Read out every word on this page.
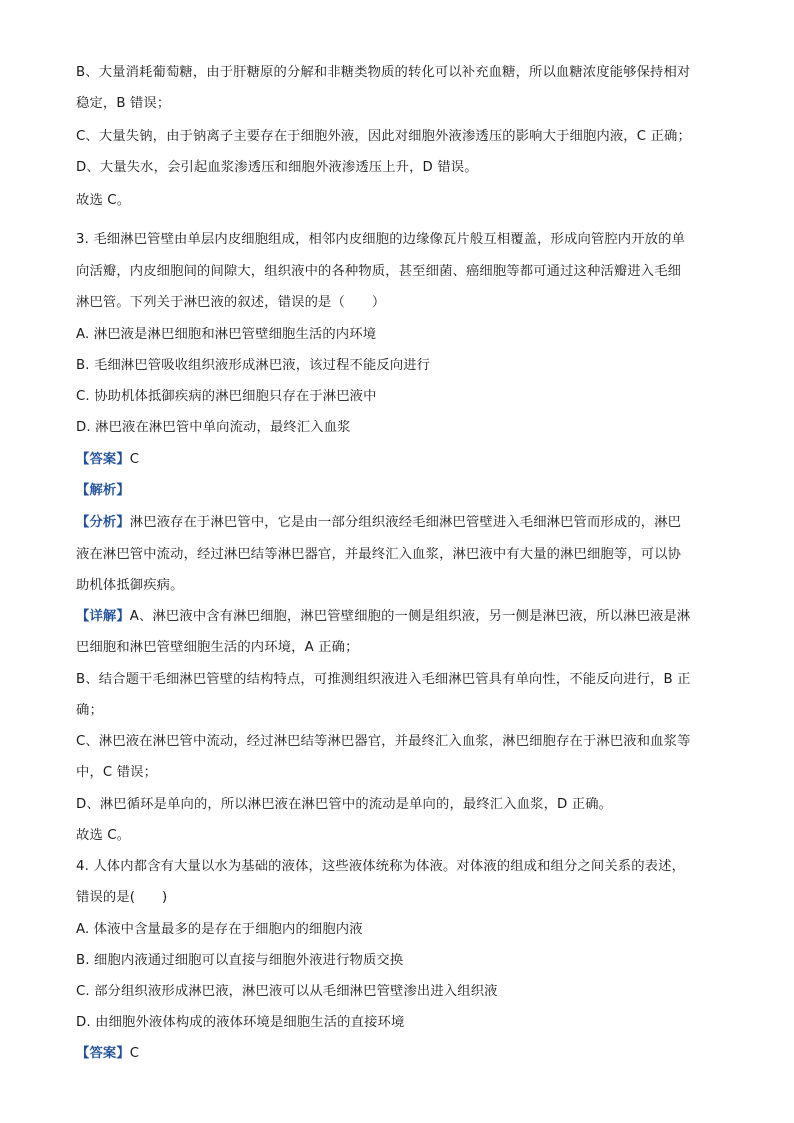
B、大量消耗葡萄糖，由于肝糖原的分解和非糖类物质的转化可以补充血糖，所以血糖浓度能够保持相对
稳定，B 错误；
C、大量失钠，由于钠离子主要存在于细胞外液，因此对细胞外液渗透压的影响大于细胞内液，C 正确；
D、大量失水，会引起血浆渗透压和细胞外液渗透压上升，D 错误。
故选 C。
3. 毛细淋巴管壁由单层内皮细胞组成，相邻内皮细胞的边缘像瓦片般互相覆盖，形成向管腔内开放的单
向活瓣，内皮细胞间的间隙大，组织液中的各种物质，甚至细菌、癌细胞等都可通过这种活瓣进入毛细
淋巴管。下列关于淋巴液的叙述，错误的是（　　）
A. 淋巴液是淋巴细胞和淋巴管壁细胞生活的内环境
B. 毛细淋巴管吸收组织液形成淋巴液，该过程不能反向进行
C. 协助机体抵御疾病的淋巴细胞只存在于淋巴液中
D. 淋巴液在淋巴管中单向流动，最终汇入血浆
【答案】C
【解析】
【分析】淋巴液存在于淋巴管中，它是由一部分组织液经毛细淋巴管壁进入毛细淋巴管而形成的，淋巴
液在淋巴管中流动，经过淋巴结等淋巴器官，并最终汇入血浆，淋巴液中有大量的淋巴细胞等，可以协
助机体抵御疾病。
【详解】A、淋巴液中含有淋巴细胞，淋巴管壁细胞的一侧是组织液，另一侧是淋巴液，所以淋巴液是淋
巴细胞和淋巴管壁细胞生活的内环境，A 正确；
B、结合题干毛细淋巴管壁的结构特点，可推测组织液进入毛细淋巴管具有单向性，不能反向进行，B 正
确；
C、淋巴液在淋巴管中流动，经过淋巴结等淋巴器官，并最终汇入血浆，淋巴细胞存在于淋巴液和血浆等
中，C 错误；
D、淋巴循环是单向的，所以淋巴液在淋巴管中的流动是单向的，最终汇入血浆，D 正确。
故选 C。
4. 人体内都含有大量以水为基础的液体，这些液体统称为体液。对体液的组成和组分之间关系的表述，
错误的是(　　)
A. 体液中含量最多的是存在于细胞内的细胞内液
B. 细胞内液通过细胞可以直接与细胞外液进行物质交换
C. 部分组织液形成淋巴液，淋巴液可以从毛细淋巴管壁渗出进入组织液
D. 由细胞外液体构成的液体环境是细胞生活的直接环境
【答案】C
